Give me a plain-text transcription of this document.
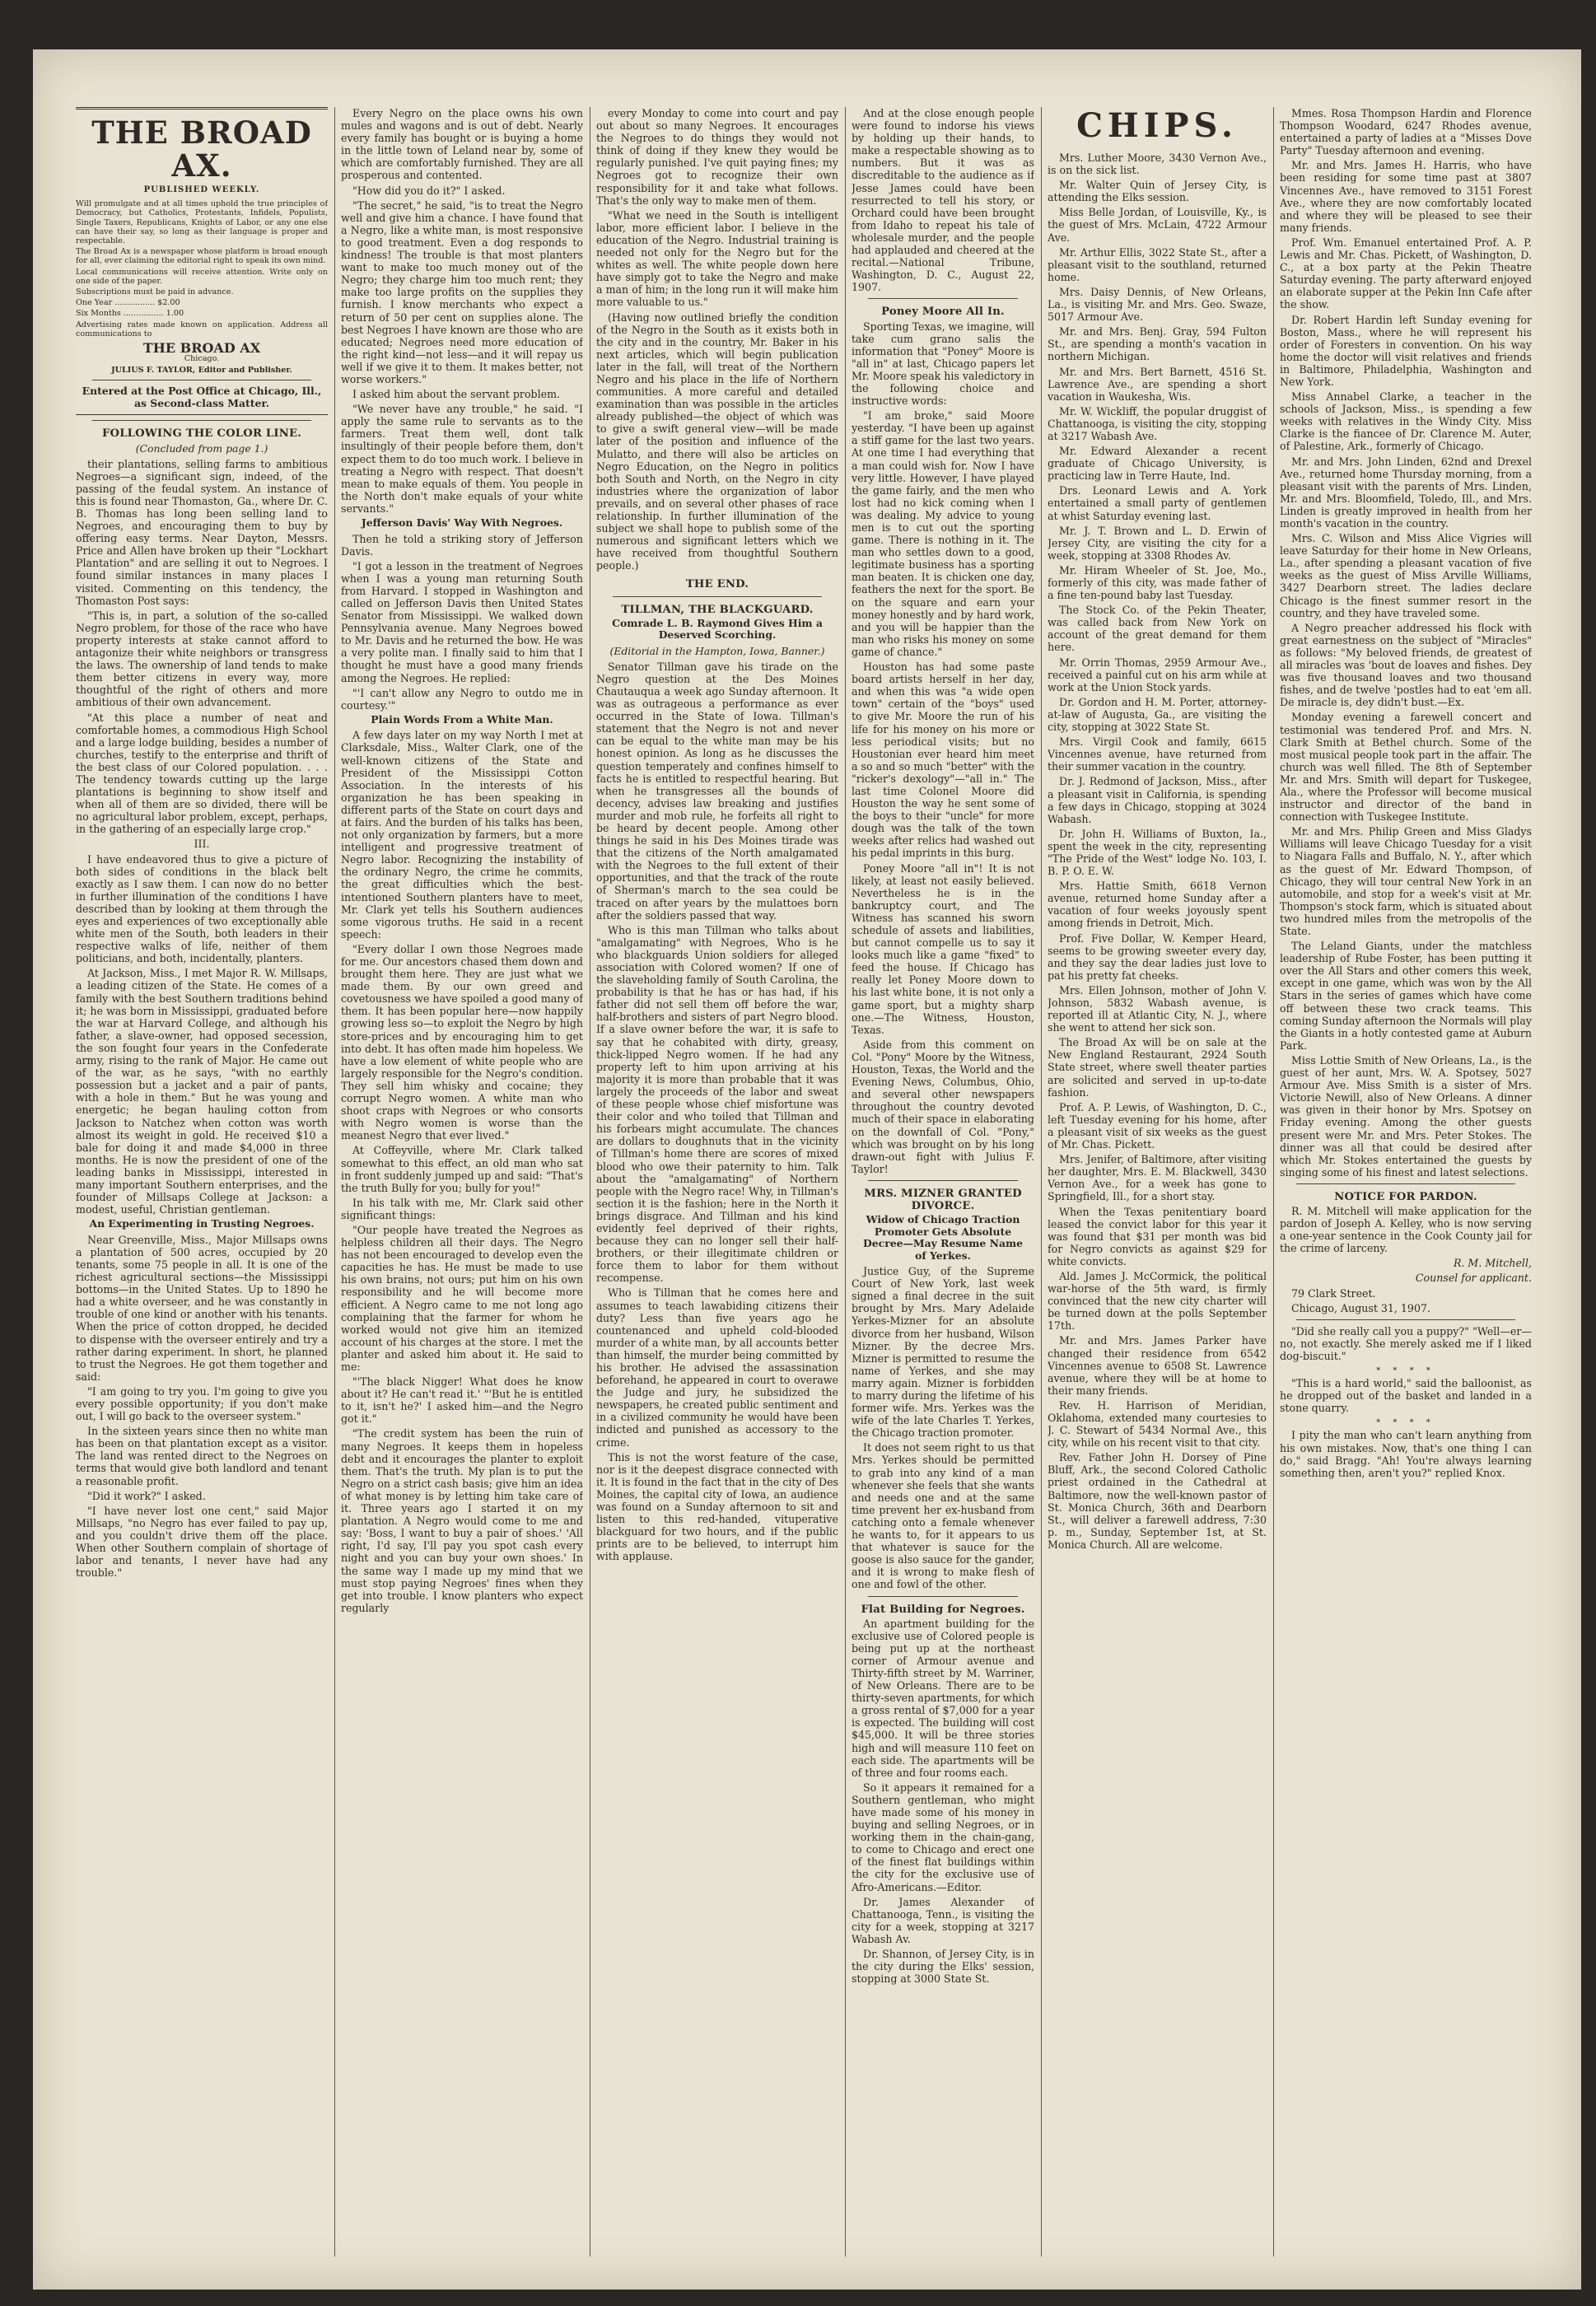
THE BROAD AX.
PUBLISHED WEEKLY.

Will promulgate and at all times uphold the true principles of Democracy, but Catholics, Protestants, Infidels, Populists, Single Taxers, Republicans, Knights of Labor, or any one else can have their say, so long as their language is proper and respectable.

The Broad Ax is a newspaper whose platform is broad enough for all, ever claiming the editorial right to speak its own mind.

Local communications will receive attention. Write only on one side of the paper.

Subscriptions must be paid in advance.

One Year ................ $2.00

Six Months ................ 1.00

Advertising rates made known on application. Address all communications to

THE BROAD AX
Chicago.
JULIUS F. TAYLOR, Editor and Publisher.
Entered at the Post Office at Chicago, Ill., as Second-class Matter.
FOLLOWING THE COLOR LINE.
(Concluded from page 1.)

their plantations, selling farms to ambitious Negroes—a significant sign, indeed, of the passing of the feudal system. An instance of this is found near Thomaston, Ga., where Dr. C. B. Thomas has long been selling land to Negroes, and encouraging them to buy by offering easy terms. Near Dayton, Messrs. Price and Allen have broken up their "Lockhart Plantation" and are selling it out to Negroes. I found similar instances in many places I visited. Commenting on this tendency, the Thomaston Post says:

"This is, in part, a solution of the so-called Negro problem, for those of the race who have property interests at stake cannot afford to antagonize their white neighbors or transgress the laws. The ownership of land tends to make them better citizens in every way, more thoughtful of the right of others and more ambitious of their own advancement.

"At this place a number of neat and comfortable homes, a commodious High School and a large lodge building, besides a number of churches, testify to the enterprise and thrift of the best class of our Colored population. . . . The tendency towards cutting up the large plantations is beginning to show itself and when all of them are so divided, there will be no agricultural labor problem, except, perhaps, in the gathering of an especially large crop."

III.

I have endeavored thus to give a picture of both sides of conditions in the black belt exactly as I saw them. I can now do no better in further illumination of the conditions I have described than by looking at them through the eyes and experiences of two exceptionally able white men of the South, both leaders in their respective walks of life, neither of them politicians, and both, incidentally, planters.

At Jackson, Miss., I met Major R. W. Millsaps, a leading citizen of the State. He comes of a family with the best Southern traditions behind it; he was born in Mississippi, graduated before the war at Harvard College, and although his father, a slave-owner, had opposed secession, the son fought four years in the Confederate army, rising to the rank of Major. He came out of the war, as he says, "with no earthly possession but a jacket and a pair of pants, with a hole in them." But he was young and energetic; he began hauling cotton from Jackson to Natchez when cotton was worth almost its weight in gold. He received $10 a bale for doing it and made $4,000 in three months. He is now the president of one of the leading banks in Mississippi, interested in many important Southern enterprises, and the founder of Millsaps College at Jackson: a modest, useful, Christian gentleman.

An Experimenting in Trusting Negroes.

Near Greenville, Miss., Major Millsaps owns a plantation of 500 acres, occupied by 20 tenants, some 75 people in all. It is one of the richest agricultural sections—the Mississippi bottoms—in the United States. Up to 1890 he had a white overseer, and he was constantly in trouble of one kind or another with his tenants. When the price of cotton dropped, he decided to dispense with the overseer entirely and try a rather daring experiment. In short, he planned to trust the Negroes. He got them together and said:

"I am going to try you. I'm going to give you every possible opportunity; if you don't make out, I will go back to the overseer system."

In the sixteen years since then no white man has been on that plantation except as a visitor. The land was rented direct to the Negroes on terms that would give both landlord and tenant a reasonable profit.

"Did it work?" I asked.

"I have never lost one cent," said Major Millsaps, "no Negro has ever failed to pay up, and you couldn't drive them off the place. When other Southern complain of shortage of labor and tenants, I never have had any trouble."

Every Negro on the place owns his own mules and wagons and is out of debt. Nearly every family has bought or is buying a home in the little town of Leland near by, some of which are comfortably furnished. They are all prosperous and contented.

"How did you do it?" I asked.

"The secret," he said, "is to treat the Negro well and give him a chance. I have found that a Negro, like a white man, is most responsive to good treatment. Even a dog responds to kindness! The trouble is that most planters want to make too much money out of the Negro; they charge him too much rent; they make too large profits on the supplies they furnish. I know merchants who expect a return of 50 per cent on supplies alone. The best Negroes I have known are those who are educated; Negroes need more education of the right kind—not less—and it will repay us well if we give it to them. It makes better, not worse workers."

I asked him about the servant problem.

"We never have any trouble," he said. "I apply the same rule to servants as to the farmers. Treat them well, dont talk insultingly of their people before them, don't expect them to do too much work. I believe in treating a Negro with respect. That doesn't mean to make equals of them. You people in the North don't make equals of your white servants."

Jefferson Davis' Way With Negroes.

Then he told a striking story of Jefferson Davis.

"I got a lesson in the treatment of Negroes when I was a young man returning South from Harvard. I stopped in Washington and called on Jefferson Davis then United States Senator from Mississippi. We walked down Pennsylvania avenue. Many Negroes bowed to Mr. Davis and he returned the bow. He was a very polite man. I finally said to him that I thought he must have a good many friends among the Negroes. He replied:

"'I can't allow any Negro to outdo me in courtesy.'"

Plain Words From a White Man.

A few days later on my way North I met at Clarksdale, Miss., Walter Clark, one of the well-known citizens of the State and President of the Mississippi Cotton Association. In the interests of his organization he has been speaking in different parts of the State on court days and at fairs. And the burden of his talks has been, not only organization by farmers, but a more intelligent and progressive treatment of Negro labor. Recognizing the instability of the ordinary Negro, the crime he commits, the great difficulties which the best-intentioned Southern planters have to meet, Mr. Clark yet tells his Southern audiences some vigorous truths. He said in a recent speech:

"Every dollar I own those Negroes made for me. Our ancestors chased them down and brought them here. They are just what we made them. By our own greed and covetousness we have spoiled a good many of them. It has been popular here—now happily growing less so—to exploit the Negro by high store-prices and by encouraging him to get into debt. It has often made him hopeless. We have a low element of white people who are largely responsible for the Negro's condition. They sell him whisky and cocaine; they corrupt Negro women. A white man who shoot craps with Negroes or who consorts with Negro women is worse than the meanest Negro that ever lived."

At Coffeyville, where Mr. Clark talked somewhat to this effect, an old man who sat in front suddenly jumped up and said: "That's the truth Bully for you; bully for you!"

In his talk with me, Mr. Clark said other significant things:

"Our people have treated the Negroes as helpless children all their days. The Negro has not been encouraged to develop even the capacities he has. He must be made to use his own brains, not ours; put him on his own responsibility and he will become more efficient. A Negro came to me not long ago complaining that the farmer for whom he worked would not give him an itemized account of his charges at the store. I met the planter and asked him about it. He said to me:

"'The black Nigger! What does he know about it? He can't read it.' "'But he is entitled to it, isn't he?' I asked him—and the Negro got it."

"The credit system has been the ruin of many Negroes. It keeps them in hopeless debt and it encourages the planter to exploit them. That's the truth. My plan is to put the Negro on a strict cash basis; give him an idea of what money is by letting him take care of it. Three years ago I started it on my plantation. A Negro would come to me and say: 'Boss, I want to buy a pair of shoes.' 'All right, I'd say, I'll pay you spot cash every night and you can buy your own shoes.' In the same way I made up my mind that we must stop paying Negroes' fines when they get into trouble. I know planters who expect regularly

every Monday to come into court and pay out about so many Negroes. It encourages the Negroes to do things they would not think of doing if they knew they would be regularly punished. I've quit paying fines; my Negroes got to recognize their own responsibility for it and take what follows. That's the only way to make men of them.

"What we need in the South is intelligent labor, more efficient labor. I believe in the education of the Negro. Industrial training is needed not only for the Negro but for the whites as well. The white people down here have simply got to take the Negro and make a man of him; in the long run it will make him more valuable to us."

(Having now outlined briefly the condition of the Negro in the South as it exists both in the city and in the country, Mr. Baker in his next articles, which will begin publication later in the fall, will treat of the Northern Negro and his place in the life of Northern communities. A more careful and detailed examination than was possible in the articles already published—the object of which was to give a swift general view—will be made later of the position and influence of the Mulatto, and there will also be articles on Negro Education, on the Negro in politics both South and North, on the Negro in city industries where the organization of labor prevails, and on several other phases of race relationship. In further illumination of the subject we shall hope to publish some of the numerous and significant letters which we have received from thoughtful Southern people.)

THE END.
TILLMAN, THE BLACKGUARD.
Comrade L. B. Raymond Gives Him a Deserved Scorching.
(Editorial in the Hampton, Iowa, Banner.)

Senator Tillman gave his tirade on the Negro question at the Des Moines Chautauqua a week ago Sunday afternoon. It was as outrageous a performance as ever occurred in the State of Iowa. Tillman's statement that the Negro is not and never can be equal to the white man may be his honest opinion. As long as he discusses the question temperately and confines himself to facts he is entitled to respectful hearing. But when he transgresses all the bounds of decency, advises law breaking and justifies murder and mob rule, he forfeits all right to be heard by decent people. Among other things he said in his Des Moines tirade was that the citizens of the North amalgamated with the Negroes to the full extent of their opportunities, and that the track of the route of Sherman's march to the sea could be traced on after years by the mulattoes born after the soldiers passed that way.

Who is this man Tillman who talks about "amalgamating" with Negroes, Who is he who blackguards Union soldiers for alleged association with Colored women? If one of the slaveholding family of South Carolina, the probability is that he has or has had, if his father did not sell them off before the war, half-brothers and sisters of part Negro blood. If a slave owner before the war, it is safe to say that he cohabited with dirty, greasy, thick-lipped Negro women. If he had any property left to him upon arriving at his majority it is more than probable that it was largely the proceeds of the labor and sweat of these people whose chief misfortune was their color and who toiled that Tillman and his forbears might accumulate. The chances are dollars to doughnuts that in the vicinity of Tillman's home there are scores of mixed blood who owe their paternity to him. Talk about the "amalgamating" of Northern people with the Negro race! Why, in Tillman's section it is the fashion; here in the North it brings disgrace. And Tillman and his kind evidently feel deprived of their rights, because they can no longer sell their half-brothers, or their illegitimate children or force them to labor for them without recompense.

Who is Tillman that he comes here and assumes to teach lawabiding citizens their duty? Less than five years ago he countenanced and upheld cold-blooded murder of a white man, by all accounts better than himself, the murder being committed by his brother. He advised the assassination beforehand, he appeared in court to overawe the Judge and jury, he subsidized the newspapers, he created public sentiment and in a civilized community he would have been indicted and punished as accessory to the crime.

This is not the worst feature of the case, nor is it the deepest disgrace connected with it. It is found in the fact that in the city of Des Moines, the capital city of Iowa, an audience was found on a Sunday afternoon to sit and listen to this red-handed, vituperative blackguard for two hours, and if the public prints are to be believed, to interrupt him with applause.

And at the close enough people were found to indorse his views by holding up their hands, to make a respectable showing as to numbers. But it was as discreditable to the audience as if Jesse James could have been resurrected to tell his story, or Orchard could have been brought from Idaho to repeat his tale of wholesale murder, and the people had applauded and cheered at the recital.—National Tribune, Washington, D. C., August 22, 1907.

Poney Moore All In.

Sporting Texas, we imagine, will take cum grano salis the information that "Poney" Moore is "all in" at last, Chicago papers let Mr. Moore speak his valedictory in the following choice and instructive words:

"I am broke," said Moore yesterday. "I have been up against a stiff game for the last two years. At one time I had everything that a man could wish for. Now I have very little. However, I have played the game fairly, and the men who lost had no kick coming when I was dealing. My advice to young men is to cut out the sporting game. There is nothing in it. The man who settles down to a good, legitimate business has a sporting man beaten. It is chicken one day, feathers the next for the sport. Be on the square and earn your money honestly and by hard work, and you will be happier than the man who risks his money on some game of chance."

Houston has had some paste board artists herself in her day, and when this was "a wide open town" certain of the "boys" used to give Mr. Moore the run of his life for his money on his more or less periodical visits; but no Houstonian ever heard him meet a so and so much "better" with the "ricker's dexology"—"all in." The last time Colonel Moore did Houston the way he sent some of the boys to their "uncle" for more dough was the talk of the town weeks after relics had washed out his pedal imprints in this burg.

Poney Moore "all in"! It is not likely, at least not easily believed. Nevertheless he is in the bankruptcy court, and The Witness has scanned his sworn schedule of assets and liabilities, but cannot compelle us to say it looks much like a game "fixed" to feed the house. If Chicago has really let Poney Moore down to his last white bone, it is not only a game sport, but a mighty sharp one.—The Witness, Houston, Texas.

Aside from this comment on Col. "Pony" Moore by the Witness, Houston, Texas, the World and the Evening News, Columbus, Ohio, and several other newspapers throughout the country devoted much of their space in elaborating on the downfall of Col. "Pony," which was brought on by his long drawn-out fight with Julius F. Taylor!

MRS. MIZNER GRANTED DIVORCE.
Widow of Chicago Traction Promoter Gets Absolute Decree—May Resume Name of Yerkes.

Justice Guy, of the Supreme Court of New York, last week signed a final decree in the suit brought by Mrs. Mary Adelaide Yerkes-Mizner for an absolute divorce from her husband, Wilson Mizner. By the decree Mrs. Mizner is permitted to resume the name of Yerkes, and she may marry again. Mizner is forbidden to marry during the lifetime of his former wife. Mrs. Yerkes was the wife of the late Charles T. Yerkes, the Chicago traction promoter.

It does not seem right to us that Mrs. Yerkes should be permitted to grab into any kind of a man whenever she feels that she wants and needs one and at the same time prevent her ex-husband from catching onto a female whenever he wants to, for it appears to us that whatever is sauce for the goose is also sauce for the gander, and it is wrong to make flesh of one and fowl of the other.

Flat Building for Negroes.

An apartment building for the exclusive use of Colored people is being put up at the northeast corner of Armour avenue and Thirty-fifth street by M. Warriner, of New Orleans. There are to be thirty-seven apartments, for which a gross rental of $7,000 for a year is expected. The building will cost $45,000. It will be three stories high and will measure 110 feet on each side. The apartments will be of three and four rooms each.

So it appears it remained for a Southern gentleman, who might have made some of his money in buying and selling Negroes, or in working them in the chain-gang, to come to Chicago and erect one of the finest flat buildings within the city for the exclusive use of Afro-Americans.—Editor.

Dr. James Alexander of Chattanooga, Tenn., is visiting the city for a week, stopping at 3217 Wabash Av.

Dr. Shannon, of Jersey City, is in the city during the Elks' session, stopping at 3000 State St.

CHIPS.

Mrs. Luther Moore, 3430 Vernon Ave., is on the sick list.

Mr. Walter Quin of Jersey City, is attending the Elks session.

Miss Belle Jordan, of Louisville, Ky., is the guest of Mrs. McLain, 4722 Armour Ave.

Mr. Arthur Ellis, 3022 State St., after a pleasant visit to the southland, returned home.

Mrs. Daisy Dennis, of New Orleans, La., is visiting Mr. and Mrs. Geo. Swaze, 5017 Armour Ave.

Mr. and Mrs. Benj. Gray, 594 Fulton St., are spending a month's vacation in northern Michigan.

Mr. and Mrs. Bert Barnett, 4516 St. Lawrence Ave., are spending a short vacation in Waukesha, Wis.

Mr. W. Wickliff, the popular druggist of Chattanooga, is visiting the city, stopping at 3217 Wabash Ave.

Mr. Edward Alexander a recent graduate of Chicago University, is practicing law in Terre Haute, Ind.

Drs. Leonard Lewis and A. York entertained a small party of gentlemen at whist Saturday evening last.

Mr. J. T. Brown and L. D. Erwin of Jersey City, are visiting the city for a week, stopping at 3308 Rhodes Av.

Mr. Hiram Wheeler of St. Joe, Mo., formerly of this city, was made father of a fine ten-pound baby last Tuesday.

The Stock Co. of the Pekin Theater, was called back from New York on account of the great demand for them here.

Mr. Orrin Thomas, 2959 Armour Ave., received a painful cut on his arm while at work at the Union Stock yards.

Dr. Gordon and H. M. Porter, attorney-at-law of Augusta, Ga., are visiting the city, stopping at 3022 State St.

Mrs. Virgil Cook and family, 6615 Vincennes avenue, have returned from their summer vacation in the country.

Dr. J. Redmond of Jackson, Miss., after a pleasant visit in California, is spending a few days in Chicago, stopping at 3024 Wabash.

Dr. John H. Williams of Buxton, Ia., spent the week in the city, representing "The Pride of the West" lodge No. 103, I. B. P. O. E. W.

Mrs. Hattie Smith, 6618 Vernon avenue, returned home Sunday after a vacation of four weeks joyously spent among friends in Detroit, Mich.

Prof. Five Dollar, W. Kemper Heard, seems to be growing sweeter every day, and they say the dear ladies just love to pat his pretty fat cheeks.

Mrs. Ellen Johnson, mother of John V. Johnson, 5832 Wabash avenue, is reported ill at Atlantic City, N. J., where she went to attend her sick son.

The Broad Ax will be on sale at the New England Restaurant, 2924 South State street, where swell theater parties are solicited and served in up-to-date fashion.

Prof. A. P. Lewis, of Washington, D. C., left Tuesday evening for his home, after a pleasant visit of six weeks as the guest of Mr. Chas. Pickett.

Mrs. Jenifer, of Baltimore, after visiting her daughter, Mrs. E. M. Blackwell, 3430 Vernon Ave., for a week has gone to Springfield, Ill., for a short stay.

When the Texas penitentiary board leased the convict labor for this year it was found that $31 per month was bid for Negro convicts as against $29 for white convicts.

Ald. James J. McCormick, the political war-horse of the 5th ward, is firmly convinced that the new city charter will be turned down at the polls September 17th.

Mr. and Mrs. James Parker have changed their residence from 6542 Vincennes avenue to 6508 St. Lawrence avenue, where they will be at home to their many friends.

Rev. H. Harrison of Meridian, Oklahoma, extended many courtesies to J. C. Stewart of 5434 Normal Ave., this city, while on his recent visit to that city.

Rev. Father John H. Dorsey of Pine Bluff, Ark., the second Colored Catholic priest ordained in the Cathedral at Baltimore, now the well-known pastor of St. Monica Church, 36th and Dearborn St., will deliver a farewell address, 7:30 p. m., Sunday, September 1st, at St. Monica Church. All are welcome.

Mmes. Rosa Thompson Hardin and Florence Thompson Woodard, 6247 Rhodes avenue, entertained a party of ladies at a "Misses Dove Party" Tuesday afternoon and evening.

Mr. and Mrs. James H. Harris, who have been residing for some time past at 3807 Vincennes Ave., have removed to 3151 Forest Ave., where they are now comfortably located and where they will be pleased to see their many friends.

Prof. Wm. Emanuel entertained Prof. A. P. Lewis and Mr. Chas. Pickett, of Washington, D. C., at a box party at the Pekin Theatre Saturday evening. The party afterward enjoyed an elaborate supper at the Pekin Inn Cafe after the show.

Dr. Robert Hardin left Sunday evening for Boston, Mass., where he will represent his order of Foresters in convention. On his way home the doctor will visit relatives and friends in Baltimore, Philadelphia, Washington and New York.

Miss Annabel Clarke, a teacher in the schools of Jackson, Miss., is spending a few weeks with relatives in the Windy City. Miss Clarke is the fiancee of Dr. Clarence M. Auter, of Palestine, Ark., formerly of Chicago.

Mr. and Mrs. John Linden, 62nd and Drexel Ave., returned home Thursday morning, from a pleasant visit with the parents of Mrs. Linden, Mr. and Mrs. Bloomfield, Toledo, Ill., and Mrs. Linden is greatly improved in health from her month's vacation in the country.

Mrs. C. Wilson and Miss Alice Vigries will leave Saturday for their home in New Orleans, La., after spending a pleasant vacation of five weeks as the guest of Miss Arville Williams, 3427 Dearborn street. The ladies declare Chicago is the finest summer resort in the country, and they have traveled some.

A Negro preacher addressed his flock with great earnestness on the subject of "Miracles" as follows: "My beloved friends, de greatest of all miracles was 'bout de loaves and fishes. Dey was five thousand loaves and two thousand fishes, and de twelve 'postles had to eat 'em all. De miracle is, dey didn't bust.—Ex.

Monday evening a farewell concert and testimonial was tendered Prof. and Mrs. N. Clark Smith at Bethel church. Some of the most musical people took part in the affair. The church was well filled. The 8th of September Mr. and Mrs. Smith will depart for Tuskegee, Ala., where the Professor will become musical instructor and director of the band in connection with Tuskegee Institute.

Mr. and Mrs. Philip Green and Miss Gladys Williams will leave Chicago Tuesday for a visit to Niagara Falls and Buffalo, N. Y., after which as the guest of Mr. Edward Thompson, of Chicago, they will tour central New York in an automobile, and stop for a week's visit at Mr. Thompson's stock farm, which is situated about two hundred miles from the metropolis of the State.

The Leland Giants, under the matchless leadership of Rube Foster, has been putting it over the All Stars and other comers this week, except in one game, which was won by the All Stars in the series of games which have come off between these two crack teams. This coming Sunday afternoon the Normals will play the Giants in a hotly contested game at Auburn Park.

Miss Lottie Smith of New Orleans, La., is the guest of her aunt, Mrs. W. A. Spotsey, 5027 Armour Ave. Miss Smith is a sister of Mrs. Victorie Newill, also of New Orleans. A dinner was given in their honor by Mrs. Spotsey on Friday evening. Among the other guests present were Mr. and Mrs. Peter Stokes. The dinner was all that could be desired after which Mr. Stokes entertained the guests by singing some of his finest and latest selections.

NOTICE FOR PARDON.

R. M. Mitchell will make application for the pardon of Joseph A. Kelley, who is now serving a one-year sentence in the Cook County jail for the crime of larceny.

R. M. Mitchell,

Counsel for applicant.

79 Clark Street.

Chicago, August 31, 1907.

"Did she really call you a puppy?" "Well—er—no, not exactly. She merely asked me if I liked dog-biscuit."

* * * *

"This is a hard world," said the balloonist, as he dropped out of the basket and landed in a stone quarry.

* * * *

I pity the man who can't learn anything from his own mistakes. Now, that's one thing I can do," said Bragg. "Ah! You're always learning something then, aren't you?" replied Knox.
